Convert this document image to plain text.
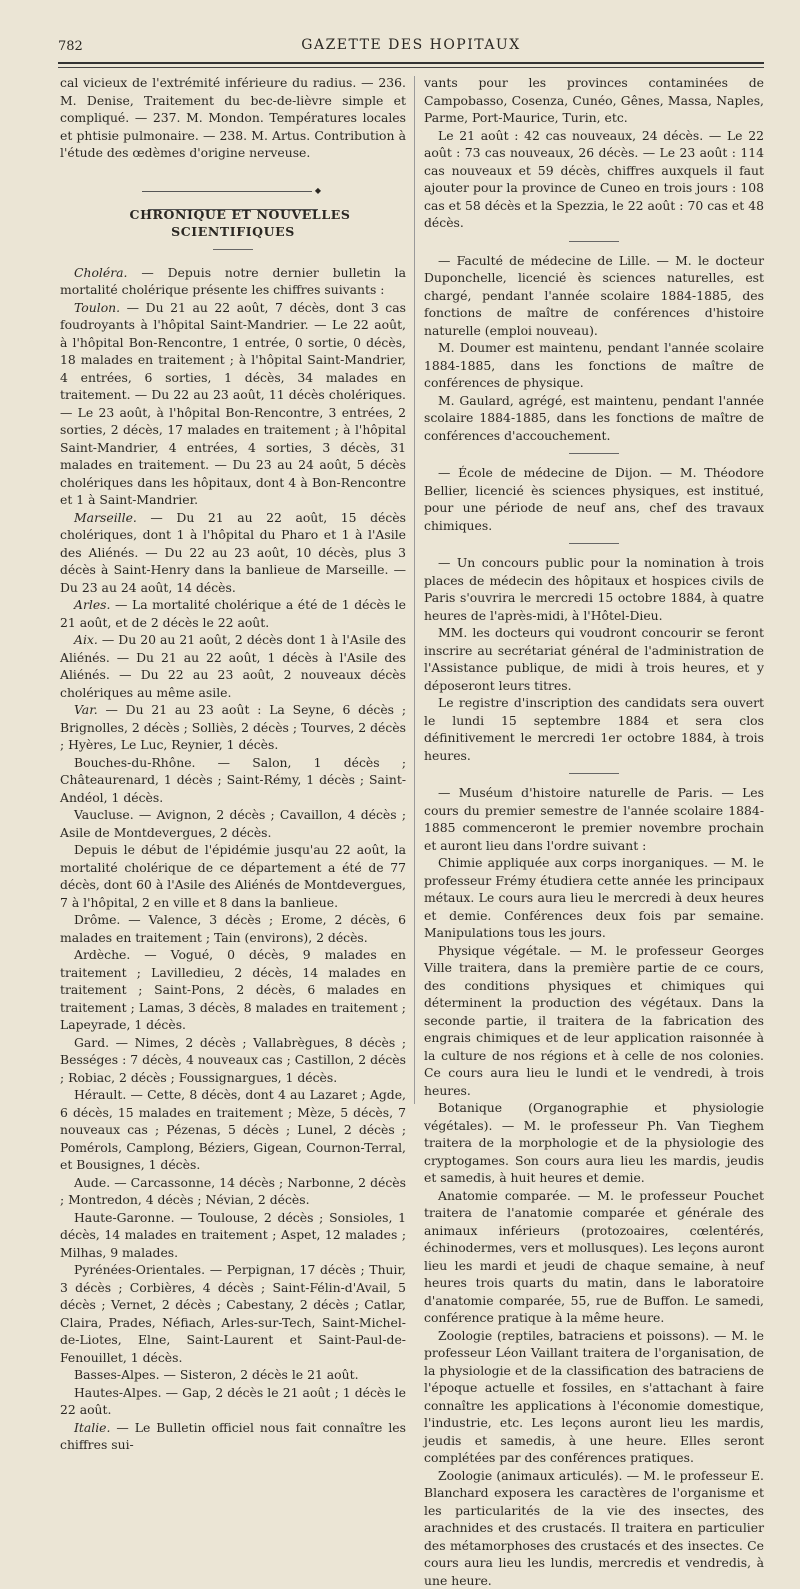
782	GAZETTE DES HOPITAUX

cal vicieux de l'extrémité inférieure du radius. — 236. M. Denise, Traitement du bec-de-lièvre simple et compliqué. — 237. M. Mondon. Températures locales et phtisie pulmonaire. — 238. M. Artus. Contribution à l'étude des œdèmes d'origine nerveuse.

◆

CHRONIQUE ET NOUVELLES SCIENTIFIQUES

Choléra. — Depuis notre dernier bulletin la mortalité cholérique présente les chiffres suivants :

Toulon. — Du 21 au 22 août, 7 décès, dont 3 cas foudroyants à l'hôpital Saint-Mandrier. — Le 22 août, à l'hôpital Bon-Rencontre, 1 entrée, 0 sortie, 0 décès, 18 malades en traitement ; à l'hôpital Saint-Mandrier, 4 entrées, 6 sorties, 1 décès, 34 malades en traitement. — Du 22 au 23 août, 11 décès cholériques. — Le 23 août, à l'hôpital Bon-Rencontre, 3 entrées, 2 sorties, 2 décès, 17 malades en traitement ; à l'hôpital Saint-Mandrier, 4 entrées, 4 sorties, 3 décès, 31 malades en traitement. — Du 23 au 24 août, 5 décès cholériques dans les hôpitaux, dont 4 à Bon-Rencontre et 1 à Saint-Mandrier.

Marseille. — Du 21 au 22 août, 15 décès cholériques, dont 1 à l'hôpital du Pharo et 1 à l'Asile des Aliénés. — Du 22 au 23 août, 10 décès, plus 3 décès à Saint-Henry dans la banlieue de Marseille. — Du 23 au 24 août, 14 décès.

Arles. — La mortalité cholérique a été de 1 décès le 21 août, et de 2 décès le 22 août.

Aix. — Du 20 au 21 août, 2 décès dont 1 à l'Asile des Aliénés. — Du 21 au 22 août, 1 décès à l'Asile des Aliénés. — Du 22 au 23 août, 2 nouveaux décès cholériques au même asile.

Var. — Du 21 au 23 août : La Seyne, 6 décès ; Brignolles, 2 décès ; Solliès, 2 décès ; Tourves, 2 décès ; Hyères, Le Luc, Reynier, 1 décès.

Bouches-du-Rhône. — Salon, 1 décès ; Châteaurenard, 1 décès ; Saint-Rémy, 1 décès ; Saint-Andéol, 1 décès.

Vaucluse. — Avignon, 2 décès ; Cavaillon, 4 décès ; Asile de Montdevergues, 2 décès.

Depuis le début de l'épidémie jusqu'au 22 août, la mortalité cholérique de ce département a été de 77 décès, dont 60 à l'Asile des Aliénés de Montdevergues, 7 à l'hôpital, 2 en ville et 8 dans la banlieue.

Drôme. — Valence, 3 décès ; Erome, 2 décès, 6 malades en traitement ; Tain (environs), 2 décès.

Ardèche. — Vogué, 0 décès, 9 malades en traitement ; Lavilledieu, 2 décès, 14 malades en traitement ; Saint-Pons, 2 décès, 6 malades en traitement ; Lamas, 3 décès, 8 malades en traitement ; Lapeyrade, 1 décès.

Gard. — Nimes, 2 décès ; Vallabrègues, 8 décès ; Bességes : 7 décès, 4 nouveaux cas ; Castillon, 2 décès ; Robiac, 2 décès ; Foussignargues, 1 décès.

Hérault. — Cette, 8 décès, dont 4 au Lazaret ; Agde, 6 décès, 15 malades en traitement ; Mèze, 5 décès, 7 nouveaux cas ; Pézenas, 5 décès ; Lunel, 2 décès ; Pomérols, Camplong, Béziers, Gigean, Cournon-Terral, et Bousignes, 1 décès.

Aude. — Carcassonne, 14 décès ; Narbonne, 2 décès ; Montredon, 4 décès ; Névian, 2 décès.

Haute-Garonne. — Toulouse, 2 décès ; Sonsioles, 1 décès, 14 malades en traitement ; Aspet, 12 malades ; Milhas, 9 malades.

Pyrénées-Orientales. — Perpignan, 17 décès ; Thuir, 3 décès ; Corbières, 4 décès ; Saint-Félin-d'Avail, 5 décès ; Vernet, 2 décès ; Cabestany, 2 décès ; Catlar, Claira, Prades, Néfiach, Arles-sur-Tech, Saint-Michel-de-Liotes, Elne, Saint-Laurent et Saint-Paul-de-Fenouillet, 1 décès.

Basses-Alpes. — Sisteron, 2 décès le 21 août.

Hautes-Alpes. — Gap, 2 décès le 21 août ; 1 décès le 22 août.

Italie. — Le Bulletin officiel nous fait connaître les chiffres sui-

vants pour les provinces contaminées de Campobasso, Cosenza, Cunéo, Gênes, Massa, Naples, Parme, Port-Maurice, Turin, etc.

Le 21 août : 42 cas nouveaux, 24 décès. — Le 22 août : 73 cas nouveaux, 26 décès. — Le 23 août : 114 cas nouveaux et 59 décès, chiffres auxquels il faut ajouter pour la province de Cuneo en trois jours : 108 cas et 58 décès et la Spezzia, le 22 août : 70 cas et 48 décès.

— Faculté de médecine de Lille. — M. le docteur Duponchelle, licencié ès sciences naturelles, est chargé, pendant l'année scolaire 1884-1885, des fonctions de maître de conférences d'histoire naturelle (emploi nouveau).

M. Doumer est maintenu, pendant l'année scolaire 1884-1885, dans les fonctions de maître de conférences de physique.

M. Gaulard, agrégé, est maintenu, pendant l'année scolaire 1884-1885, dans les fonctions de maître de conférences d'accouchement.

— École de médecine de Dijon. — M. Théodore Bellier, licencié ès sciences physiques, est institué, pour une période de neuf ans, chef des travaux chimiques.

— Un concours public pour la nomination à trois places de médecin des hôpitaux et hospices civils de Paris s'ouvrira le mercredi 15 octobre 1884, à quatre heures de l'après-midi, à l'Hôtel-Dieu.

MM. les docteurs qui voudront concourir se feront inscrire au secrétariat général de l'administration de l'Assistance publique, de midi à trois heures, et y déposeront leurs titres.

Le registre d'inscription des candidats sera ouvert le lundi 15 septembre 1884 et sera clos définitivement le mercredi 1er octobre 1884, à trois heures.

— Muséum d'histoire naturelle de Paris. — Les cours du premier semestre de l'année scolaire 1884-1885 commenceront le premier novembre prochain et auront lieu dans l'ordre suivant :

Chimie appliquée aux corps inorganiques. — M. le professeur Frémy étudiera cette année les principaux métaux. Le cours aura lieu le mercredi à deux heures et demie. Conférences deux fois par semaine. Manipulations tous les jours.

Physique végétale. — M. le professeur Georges Ville traitera, dans la première partie de ce cours, des conditions physiques et chimiques qui déterminent la production des végétaux. Dans la seconde partie, il traitera de la fabrication des engrais chimiques et de leur application raisonnée à la culture de nos régions et à celle de nos colonies. Ce cours aura lieu le lundi et le vendredi, à trois heures.

Botanique (Organographie et physiologie végétales). — M. le professeur Ph. Van Tieghem traitera de la morphologie et de la physiologie des cryptogames. Son cours aura lieu les mardis, jeudis et samedis, à huit heures et demie.

Anatomie comparée. — M. le professeur Pouchet traitera de l'anatomie comparée et générale des animaux inférieurs (protozoaires, cœlentérés, échinodermes, vers et mollusques). Les leçons auront lieu les mardi et jeudi de chaque semaine, à neuf heures trois quarts du matin, dans le laboratoire d'anatomie comparée, 55, rue de Buffon. Le samedi, conférence pratique à la même heure.

Zoologie (reptiles, batraciens et poissons). — M. le professeur Léon Vaillant traitera de l'organisation, de la physiologie et de la classification des batraciens de l'époque actuelle et fossiles, en s'attachant à faire connaître les applications à l'économie domestique, l'industrie, etc. Les leçons auront lieu les mardis, jeudis et samedis, à une heure. Elles seront complétées par des conférences pratiques.

Zoologie (animaux articulés). — M. le professeur E. Blanchard exposera les caractères de l'organisme et les particularités de la vie des insectes, des arachnides et des crustacés. Il traitera en particulier des métamorphoses des crustacés et des insectes. Ce cours aura lieu les lundis, mercredis et vendredis, à une heure.
